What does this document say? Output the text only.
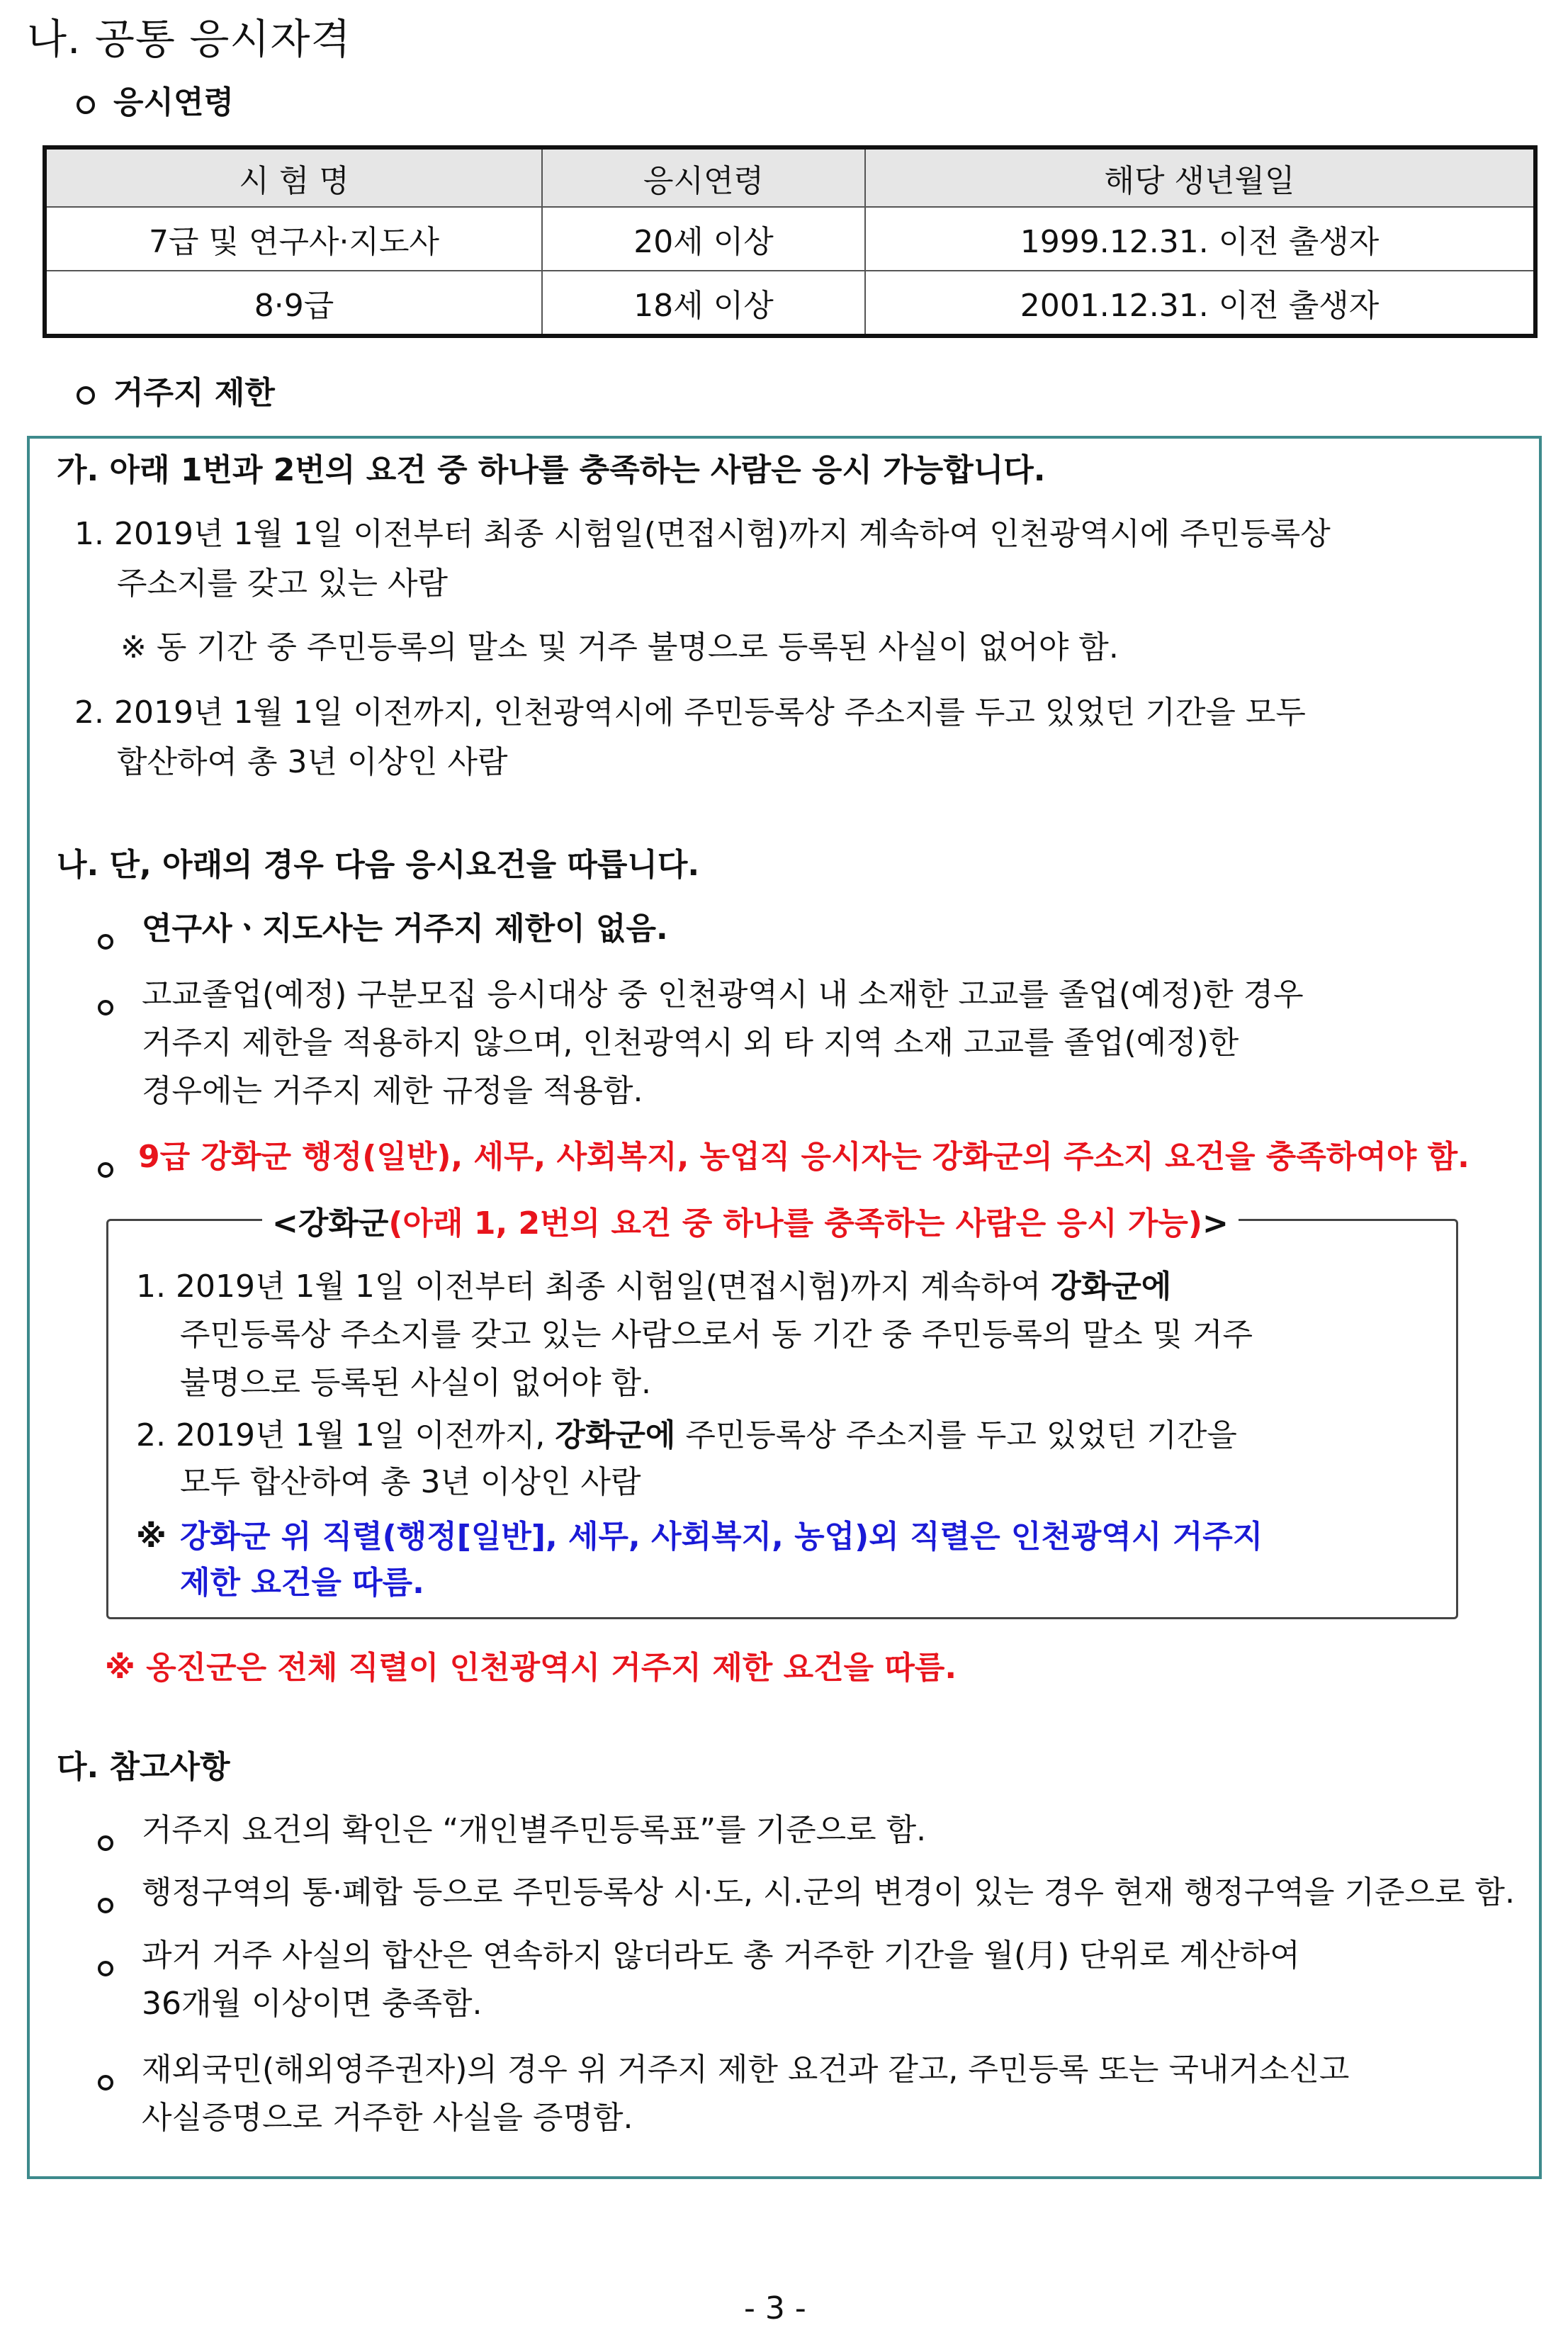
나. 공통 응시자격
응시연령
시 험 명	응시연령	해당 생년월일
7급 및 연구사·지도사	20세 이상	1999.12.31. 이전 출생자
8·9급	18세 이상	2001.12.31. 이전 출생자
거주지 제한
가. 아래 1번과 2번의 요건 중 하나를 충족하는 사람은 응시 가능합니다.
1. 2019년 1월 1일 이전부터 최종 시험일(면접시험)까지 계속하여 인천광역시에 주민등록상
주소지를 갖고 있는 사람
※ 동 기간 중 주민등록의 말소 및 거주 불명으로 등록된 사실이 없어야 함.
2. 2019년 1월 1일 이전까지, 인천광역시에 주민등록상 주소지를 두고 있었던 기간을 모두
합산하여 총 3년 이상인 사람
나. 단, 아래의 경우 다음 응시요건을 따릅니다.
연구사ㆍ지도사는 거주지 제한이 없음.
고교졸업(예정) 구분모집 응시대상 중 인천광역시 내 소재한 고교를 졸업(예정)한 경우
거주지 제한을 적용하지 않으며, 인천광역시 외 타 지역 소재 고교를 졸업(예정)한
경우에는 거주지 제한 규정을 적용함.
9급 강화군 행정(일반), 세무, 사회복지, 농업직 응시자는 강화군의 주소지 요건을 충족하여야 함.
<강화군(아래 1, 2번의 요건 중 하나를 충족하는 사람은 응시 가능)>
1. 2019년 1월 1일 이전부터 최종 시험일(면접시험)까지 계속하여 강화군에
주민등록상 주소지를 갖고 있는 사람으로서 동 기간 중 주민등록의 말소 및 거주
불명으로 등록된 사실이 없어야 함.
2. 2019년 1월 1일 이전까지, 강화군에 주민등록상 주소지를 두고 있었던 기간을
모두 합산하여 총 3년 이상인 사람
※ 강화군 위 직렬(행정[일반], 세무, 사회복지, 농업)외 직렬은 인천광역시 거주지
제한 요건을 따름.
※ 옹진군은 전체 직렬이 인천광역시 거주지 제한 요건을 따름.
다. 참고사항
거주지 요건의 확인은 “개인별주민등록표”를 기준으로 함.
행정구역의 통·폐합 등으로 주민등록상 시·도, 시.군의 변경이 있는 경우 현재 행정구역을 기준으로 함.
과거 거주 사실의 합산은 연속하지 않더라도 총 거주한 기간을 월(月) 단위로 계산하여
36개월 이상이면 충족함.
재외국민(해외영주권자)의 경우 위 거주지 제한 요건과 같고, 주민등록 또는 국내거소신고
사실증명으로 거주한 사실을 증명함.
- 3 -
